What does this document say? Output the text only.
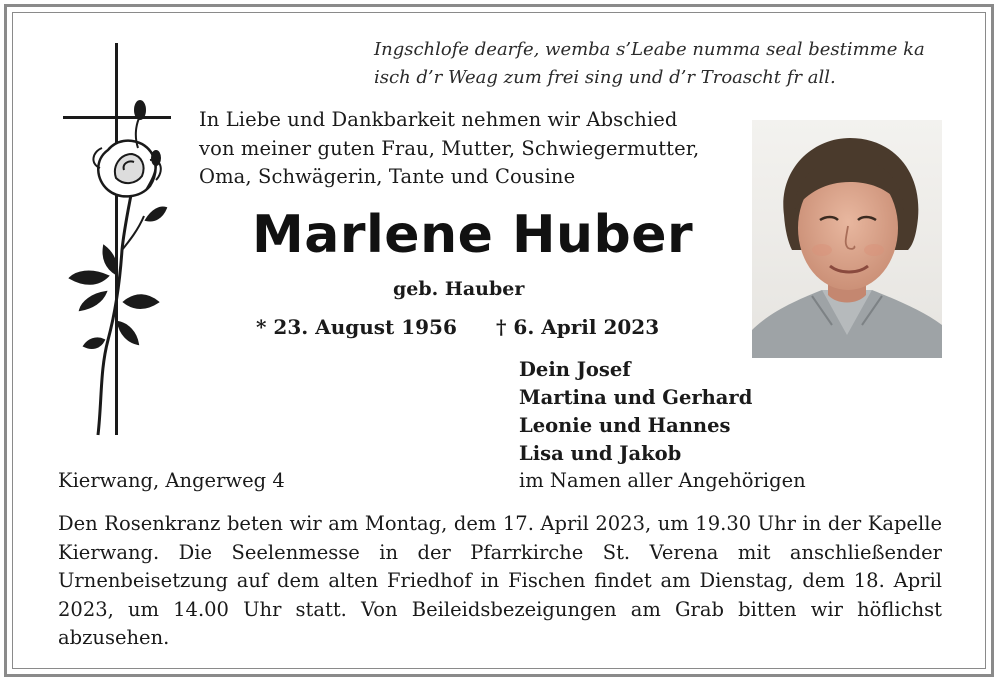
Ingschlofe dearfe, wemba s’Leabe numma seal bestimme ka
isch d’r Weag zum frei sing und d’r Troascht fr all.
In Liebe und Dankbarkeit nehmen wir Abschied
von meiner guten Frau, Mutter, Schwiegermutter,
Oma, Schwägerin, Tante und Cousine
Marlene Huber
geb. Hauber
* 23. August 1956 † 6. April 2023
Dein Josef
Martina und Gerhard
Leonie und Hannes
Lisa und Jakob
im Namen aller Angehörigen
Kierwang, Angerweg 4
Den Rosenkranz beten wir am Montag, dem 17. April 2023, um 19.30 Uhr in der Kapelle Kierwang. Die Seelenmesse in der Pfarrkirche St. Verena mit anschließender Urnenbeisetzung auf dem alten Friedhof in Fischen findet am Dienstag, dem 18. April 2023, um 14.00 Uhr statt. Von Beileidsbezeigungen am Grab bitten wir höflichst abzusehen.
